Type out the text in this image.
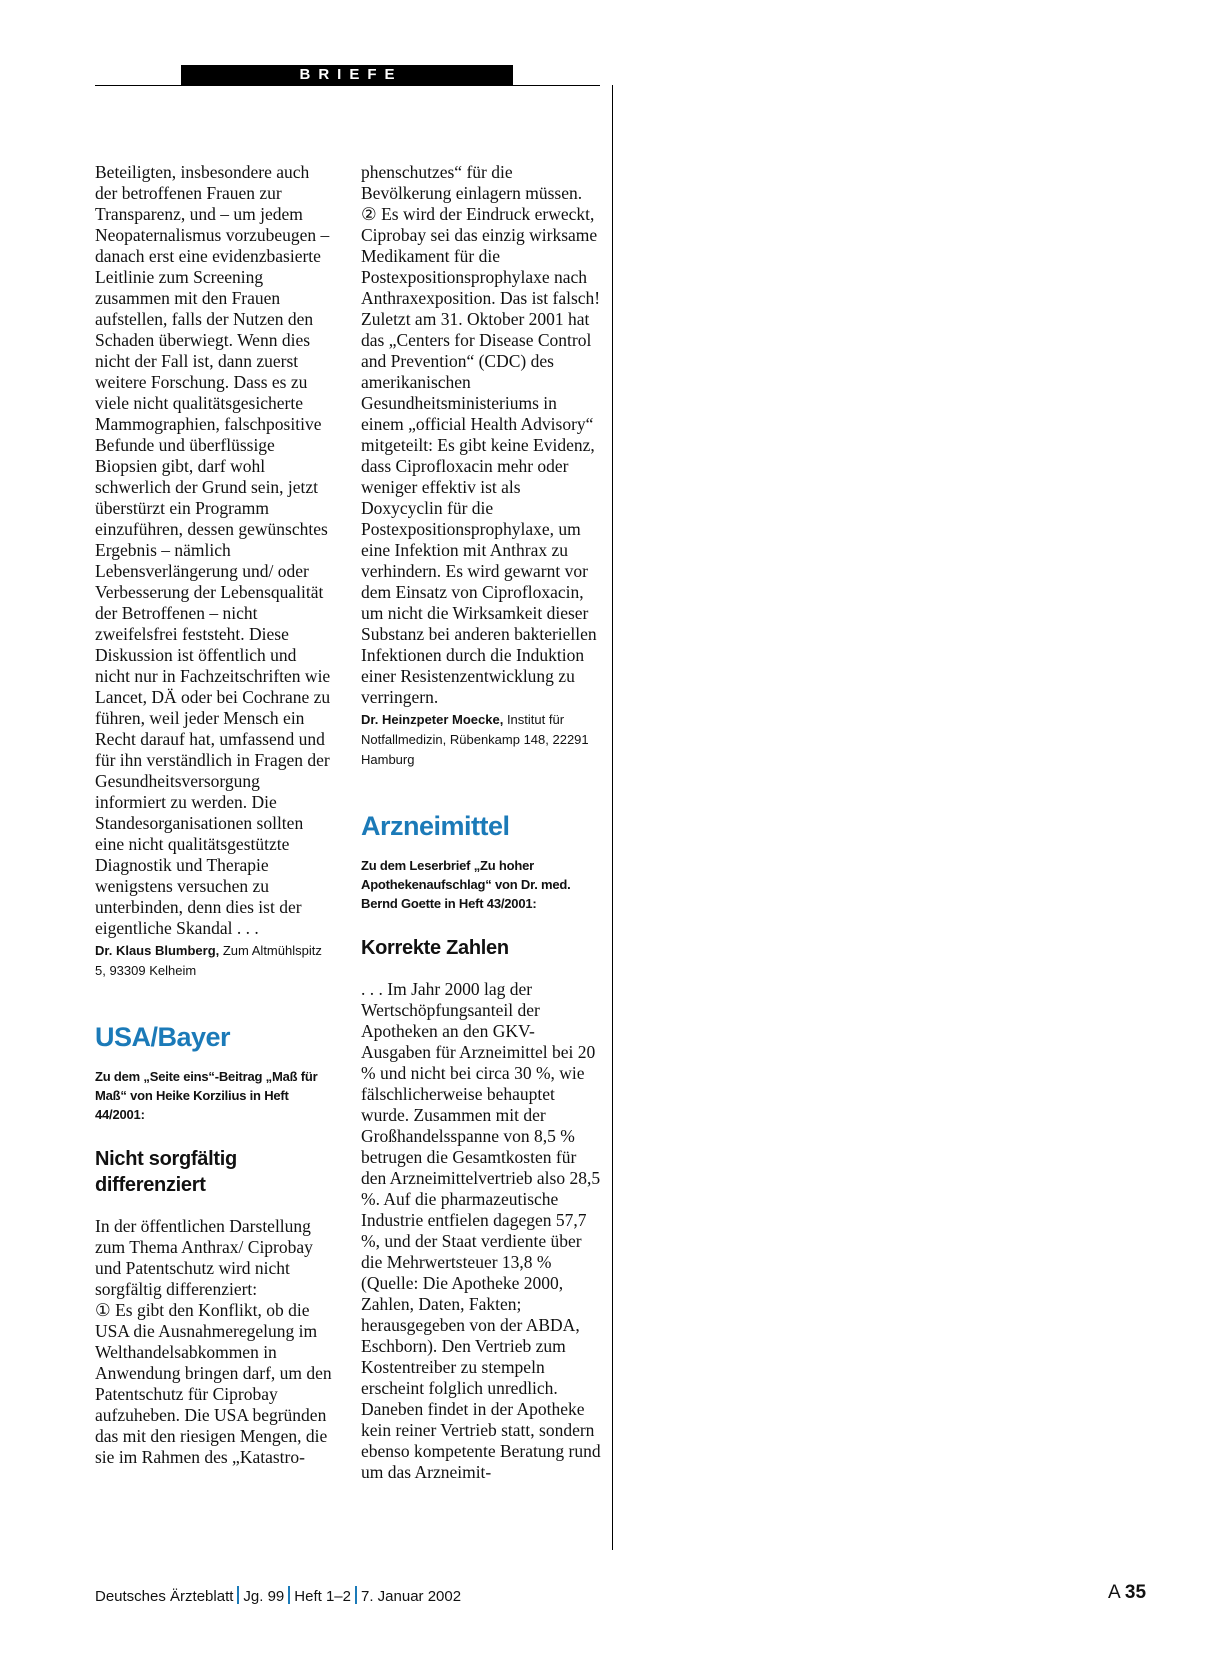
BRIEFE

Beteiligten, insbesondere auch der betroffenen Frauen zur Transparenz, und – um jedem Neopaternalismus vorzubeugen – danach erst eine evidenzbasierte Leitlinie zum Screening zusammen mit den Frauen aufstellen, falls der Nutzen den Schaden überwiegt. Wenn dies nicht der Fall ist, dann zuerst weitere Forschung. Dass es zu viele nicht qualitätsgesicherte Mammographien, falschpositive Befunde und überflüssige Biopsien gibt, darf wohl schwerlich der Grund sein, jetzt überstürzt ein Programm einzuführen, dessen gewünschtes Ergebnis – nämlich Lebensverlängerung und/ oder Verbesserung der Lebensqualität der Betroffenen – nicht zweifelsfrei feststeht. Diese Diskussion ist öffentlich und nicht nur in Fachzeitschriften wie Lancet, DÄ oder bei Cochrane zu führen, weil jeder Mensch ein Recht darauf hat, umfassend und für ihn verständlich in Fragen der Gesundheitsversorgung informiert zu werden. Die Standesorganisationen sollten eine nicht qualitätsgestützte Diagnostik und Therapie wenigstens versuchen zu unterbinden, denn dies ist der eigentliche Skandal . . .

Dr. Klaus Blumberg, Zum Altmühlspitz 5, 93309 Kelheim

USA/Bayer

Zu dem „Seite eins“-Beitrag „Maß für Maß“ von Heike Korzilius in Heft 44/2001:

Nicht sorgfältig differenziert

In der öffentlichen Darstellung zum Thema Anthrax/ Ciprobay und Patentschutz wird nicht sorgfältig differenziert:
① Es gibt den Konflikt, ob die USA die Ausnahmeregelung im Welthandelsabkommen in Anwendung bringen darf, um den Patentschutz für Ciprobay aufzuheben. Die USA begründen das mit den riesigen Mengen, die sie im Rahmen des „Katastro-

phenschutzes“ für die Bevölkerung einlagern müssen.
② Es wird der Eindruck erweckt, Ciprobay sei das einzig wirksame Medikament für die Postexpositionsprophylaxe nach Anthraxexposition. Das ist falsch! Zuletzt am 31. Oktober 2001 hat das „Centers for Disease Control and Prevention“ (CDC) des amerikanischen Gesundheitsministeriums in einem „official Health Advisory“ mitgeteilt: Es gibt keine Evidenz, dass Ciprofloxacin mehr oder weniger effektiv ist als Doxycyclin für die Postexpositionsprophylaxe, um eine Infektion mit Anthrax zu verhindern. Es wird gewarnt vor dem Einsatz von Ciprofloxacin, um nicht die Wirksamkeit dieser Substanz bei anderen bakteriellen Infektionen durch die Induktion einer Resistenzentwicklung zu verringern.

Dr. Heinzpeter Moecke, Institut für Notfallmedizin, Rübenkamp 148, 22291 Hamburg

Arzneimittel

Zu dem Leserbrief „Zu hoher Apothekenaufschlag“ von Dr. med. Bernd Goette in Heft 43/2001:

Korrekte Zahlen

. . . Im Jahr 2000 lag der Wertschöpfungsanteil der Apotheken an den GKV-Ausgaben für Arzneimittel bei 20 % und nicht bei circa 30 %, wie fälschlicherweise behauptet wurde. Zusammen mit der Großhandelsspanne von 8,5 % betrugen die Gesamtkosten für den Arzneimittelvertrieb also 28,5 %. Auf die pharmazeutische Industrie entfielen dagegen 57,7 %, und der Staat verdiente über die Mehrwertsteuer 13,8 % (Quelle: Die Apotheke 2000, Zahlen, Daten, Fakten; herausgegeben von der ABDA, Eschborn). Den Vertrieb zum Kostentreiber zu stempeln erscheint folglich unredlich. Daneben findet in der Apotheke kein reiner Vertrieb statt, sondern ebenso kompetente Beratung rund um das Arzneimit-

Deutsches Ärzteblatt Jg. 99 Heft 1–2 7. Januar 2002	A 35
